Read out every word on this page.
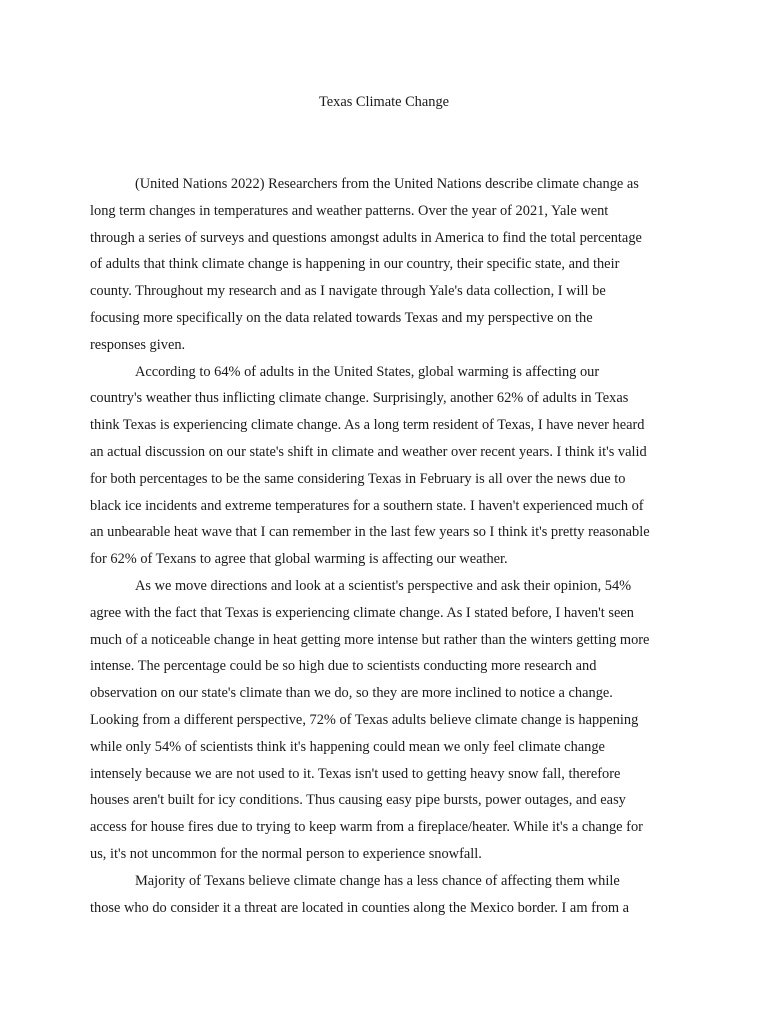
Texas Climate Change

(United Nations 2022) Researchers from the United Nations describe climate change as
long term changes in temperatures and weather patterns. Over the year of 2021, Yale went
through a series of surveys and questions amongst adults in America to find the total percentage
of adults that think climate change is happening in our country, their specific state, and their
county. Throughout my research and as I navigate through Yale's data collection, I will be
focusing more specifically on the data related towards Texas and my perspective on the
responses given.

According to 64% of adults in the United States, global warming is affecting our
country's weather thus inflicting climate change. Surprisingly, another 62% of adults in Texas
think Texas is experiencing climate change. As a long term resident of Texas, I have never heard
an actual discussion on our state's shift in climate and weather over recent years. I think it's valid
for both percentages to be the same considering Texas in February is all over the news due to
black ice incidents and extreme temperatures for a southern state. I haven't experienced much of
an unbearable heat wave that I can remember in the last few years so I think it's pretty reasonable
for 62% of Texans to agree that global warming is affecting our weather.

As we move directions and look at a scientist's perspective and ask their opinion, 54%
agree with the fact that Texas is experiencing climate change. As I stated before, I haven't seen
much of a noticeable change in heat getting more intense but rather than the winters getting more
intense. The percentage could be so high due to scientists conducting more research and
observation on our state's climate than we do, so they are more inclined to notice a change.
Looking from a different perspective, 72% of Texas adults believe climate change is happening
while only 54% of scientists think it's happening could mean we only feel climate change
intensely because we are not used to it. Texas isn't used to getting heavy snow fall, therefore
houses aren't built for icy conditions. Thus causing easy pipe bursts, power outages, and easy
access for house fires due to trying to keep warm from a fireplace/heater. While it's a change for
us, it's not uncommon for the normal person to experience snowfall.

Majority of Texans believe climate change has a less chance of affecting them while
those who do consider it a threat are located in counties along the Mexico border. I am from a
